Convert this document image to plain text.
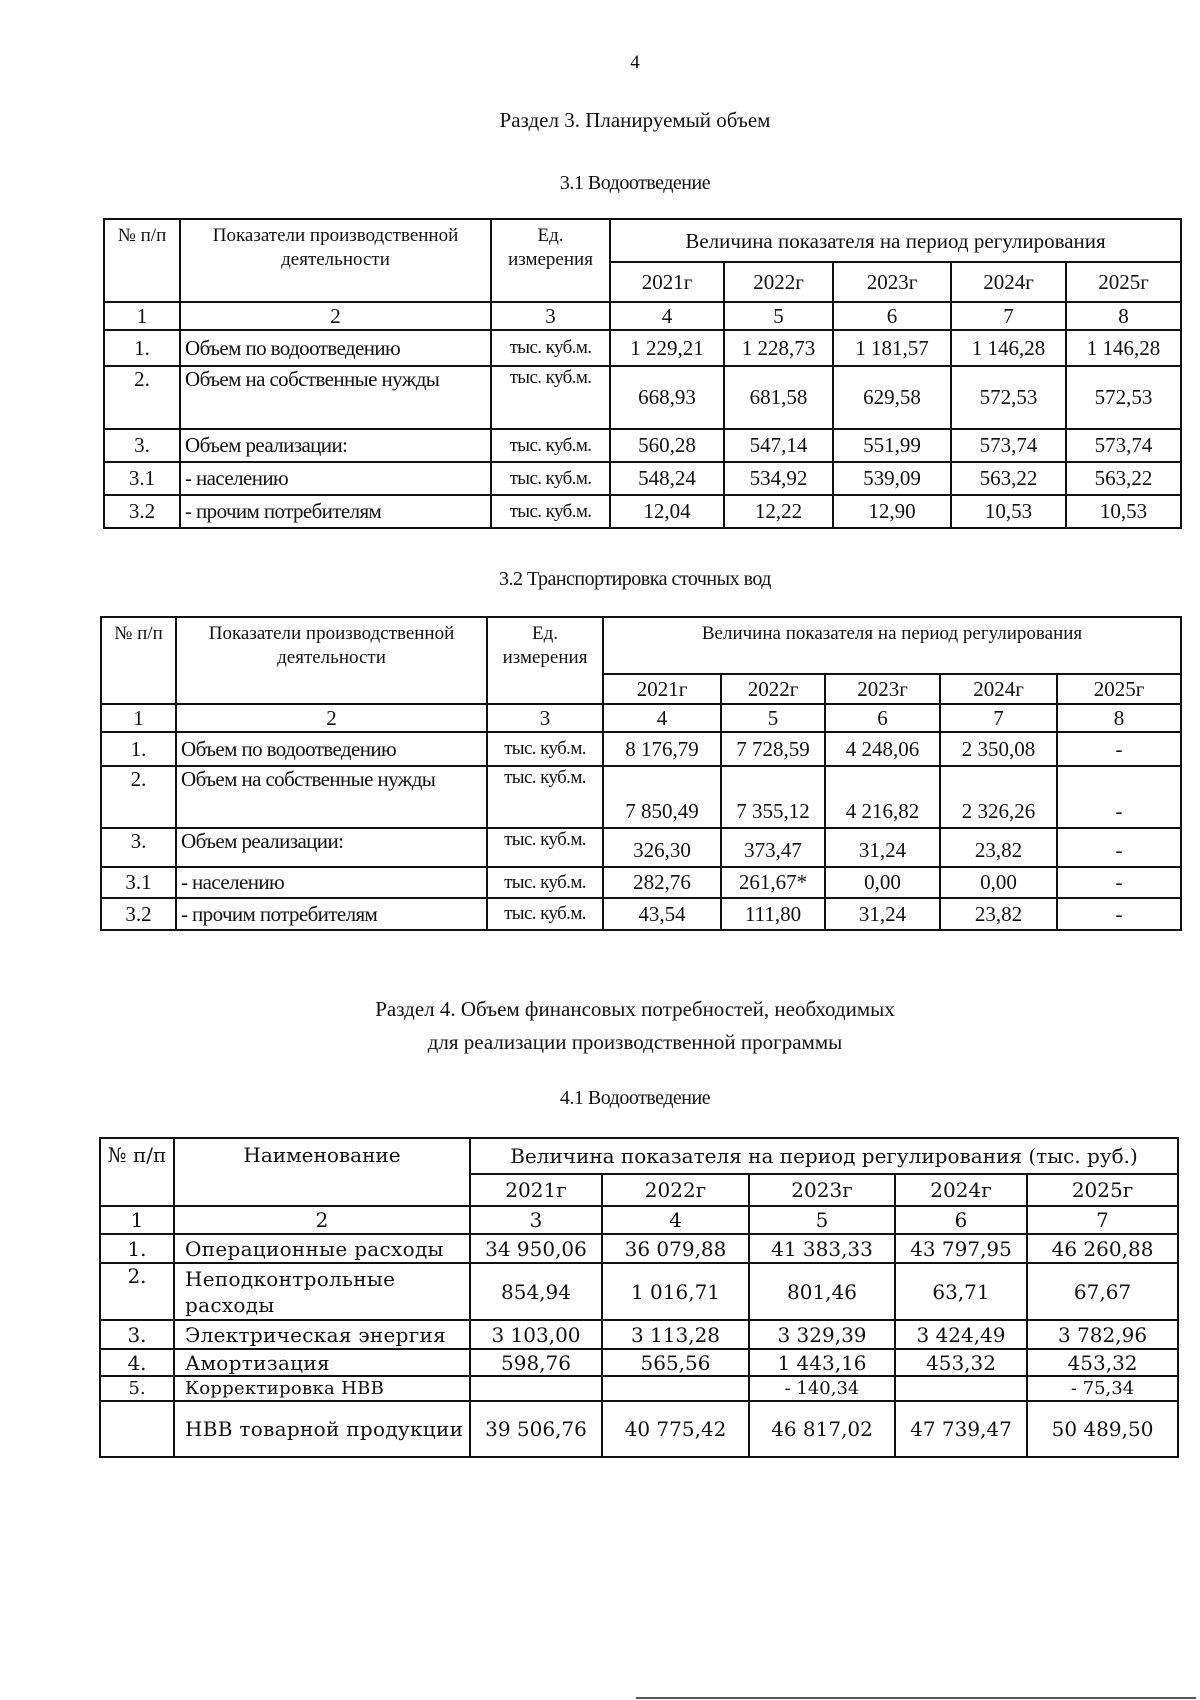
4
Раздел 3. Планируемый объем
3.1 Водоотведение
№ п/п	Показатели производственной деятельности	Ед. измерения	Величина показателя на период регулирования				
			2021г	2022г	2023г	2024г	2025г
1	2	3	4	5	6	7	8
1.	Объем по водоотведению	тыс. куб.м.	1 229,21	1 228,73	1 181,57	1 146,28	1 146,28
2.	Объем на собственные нужды	тыс. куб.м.	668,93	681,58	629,58	572,53	572,53
3.	Объем реализации:	тыс. куб.м.	560,28	547,14	551,99	573,74	573,74
3.1	- населению	тыс. куб.м.	548,24	534,92	539,09	563,22	563,22
3.2	- прочим потребителям	тыс. куб.м.	12,04	12,22	12,90	10,53	10,53
3.2 Транспортировка сточных вод
№ п/п	Показатели производственной деятельности	Ед. измерения	Величина показателя на период регулирования				
			2021г	2022г	2023г	2024г	2025г
1	2	3	4	5	6	7	8
1.	Объем по водоотведению	тыс. куб.м.	8 176,79	7 728,59	4 248,06	2 350,08	-
2.	Объем на собственные нужды	тыс. куб.м.	7 850,49	7 355,12	4 216,82	2 326,26	-
3.	Объем реализации:	тыс. куб.м.	326,30	373,47	31,24	23,82	-
3.1	- населению	тыс. куб.м.	282,76	261,67*	0,00	0,00	-
3.2	- прочим потребителям	тыс. куб.м.	43,54	111,80	31,24	23,82	-
Раздел 4. Объем финансовых потребностей, необходимых
для реализации производственной программы
4.1 Водоотведение
№ п/п	Наименование	Величина показателя на период регулирования (тыс. руб.)				
		2021г	2022г	2023г	2024г	2025г
1	2	3	4	5	6	7
1.	Операционные расходы	34 950,06	36 079,88	41 383,33	43 797,95	46 260,88
2.	Неподконтрольные расходы	854,94	1 016,71	801,46	63,71	67,67
3.	Электрическая энергия	3 103,00	3 113,28	3 329,39	3 424,49	3 782,96
4.	Амортизация	598,76	565,56	1 443,16	453,32	453,32
5.	Корректировка НВВ			- 140,34		- 75,34
	НВВ товарной продукции	39 506,76	40 775,42	46 817,02	47 739,47	50 489,50
